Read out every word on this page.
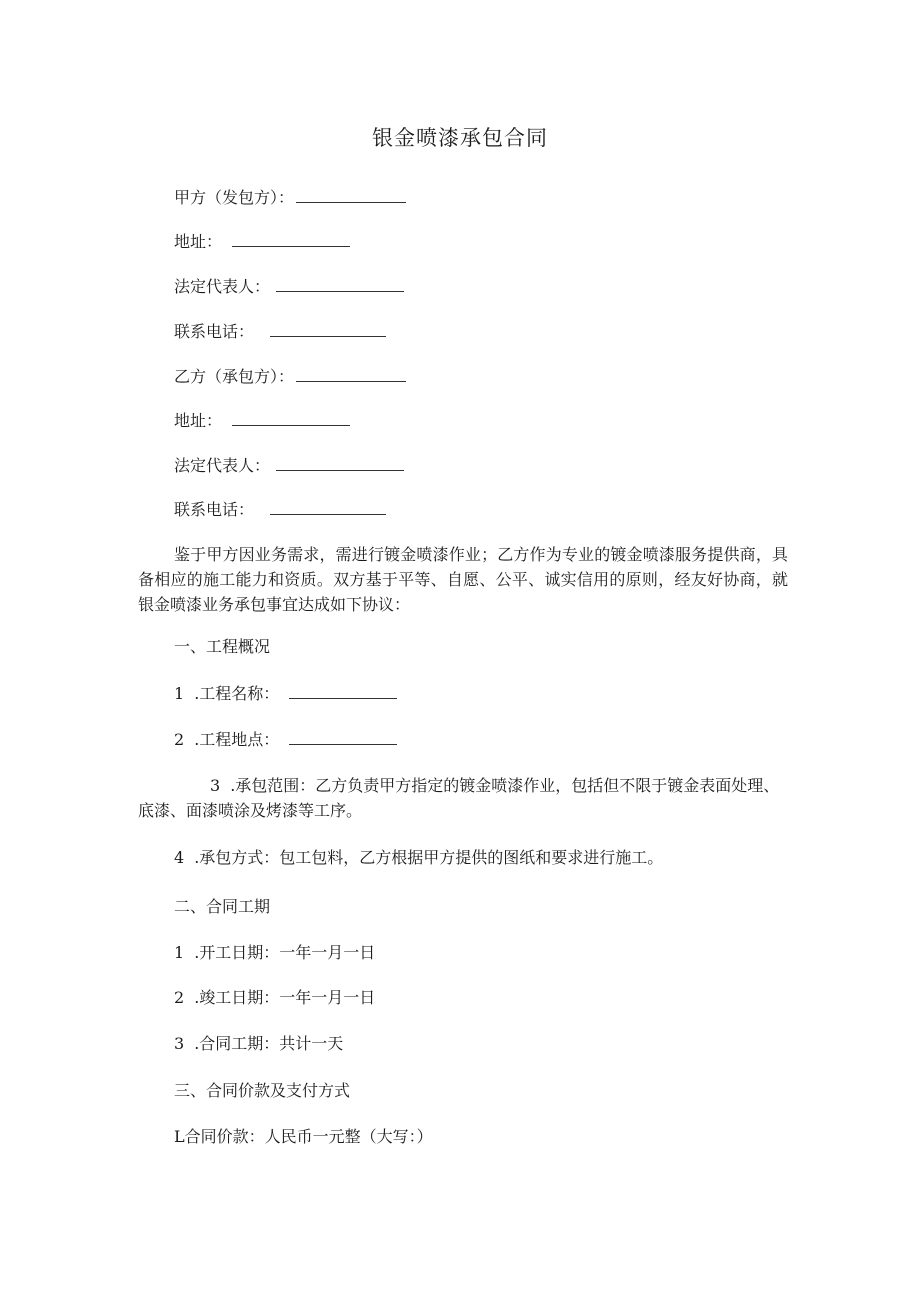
银金喷漆承包合同
甲方（发包方）：
地址：
法定代表人：
联系电话：
乙方（承包方）：
地址：
法定代表人：
联系电话：
鉴于甲方因业务需求，需进行镀金喷漆作业；乙方作为专业的镀金喷漆服务提供商，具备相应的施工能力和资质。双方基于平等、自愿、公平、诚实信用的原则，经友好协商，就银金喷漆业务承包事宜达成如下协议：
一、工程概况
1 .工程名称：
2 .工程地点：
3 .承包范围：乙方负责甲方指定的镀金喷漆作业，包括但不限于镀金表面处理、底漆、面漆喷涂及烤漆等工序。
4 .承包方式：包工包料，乙方根据甲方提供的图纸和要求进行施工。
二、合同工期
1 .开工日期：一年一月一日
2 .竣工日期：一年一月一日
3 .合同工期：共计一天
三、合同价款及支付方式
L合同价款：人民币一元整（大写：）
